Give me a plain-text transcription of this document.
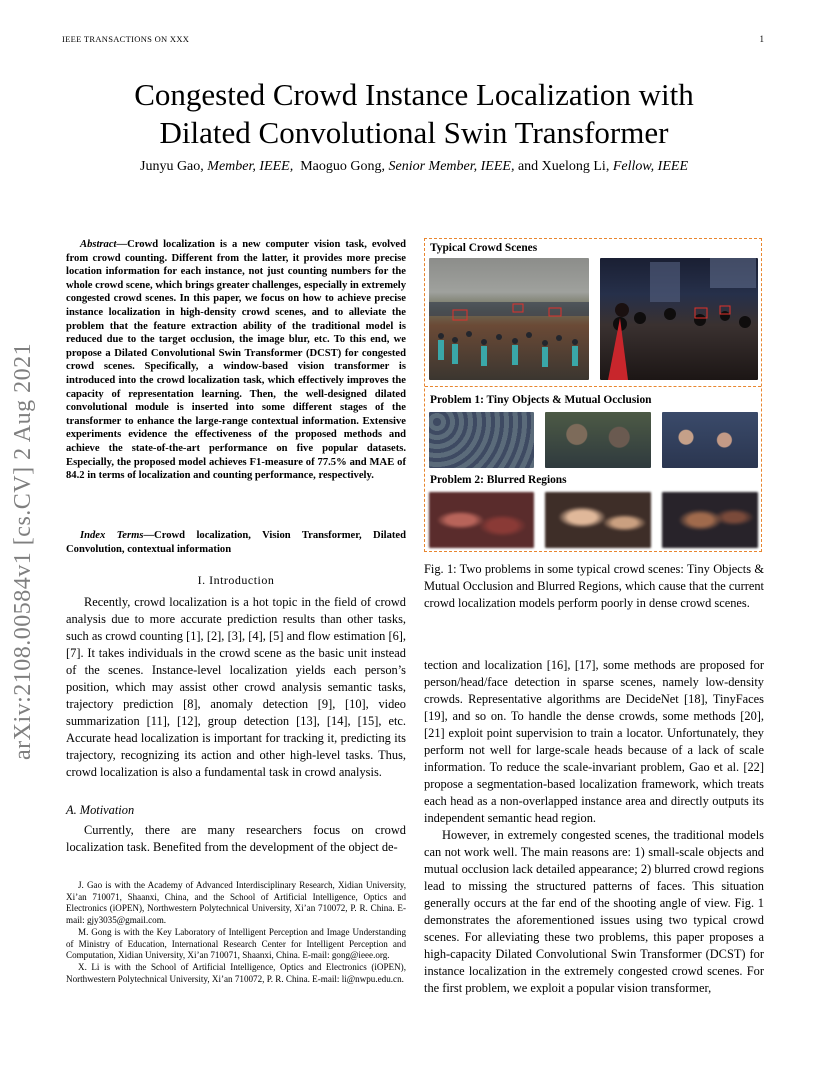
IEEE TRANSACTIONS ON XXX	1
Congested Crowd Instance Localization with
Dilated Convolutional Swin Transformer
Junyu Gao, Member, IEEE, Maoguo Gong, Senior Member, IEEE, and Xuelong Li, Fellow, IEEE
arXiv:2108.00584v1 [cs.CV] 2 Aug 2021
Abstract—Crowd localization is a new computer vision task, evolved from crowd counting. Different from the latter, it provides more precise location information for each instance, not just counting numbers for the whole crowd scene, which brings greater challenges, especially in extremely congested crowd scenes. In this paper, we focus on how to achieve precise instance localization in high-density crowd scenes, and to alleviate the problem that the feature extraction ability of the traditional model is reduced due to the target occlusion, the image blur, etc. To this end, we propose a Dilated Convolutional Swin Transformer (DCST) for congested crowd scenes. Specifically, a window-based vision transformer is introduced into the crowd localization task, which effectively improves the capacity of representation learning. Then, the well-designed dilated convolutional module is inserted into some different stages of the transformer to enhance the large-range contextual information. Extensive experiments evidence the effectiveness of the proposed methods and achieve the state-of-the-art performance on five popular datasets. Especially, the proposed model achieves F1-measure of 77.5% and MAE of 84.2 in terms of localization and counting performance, respectively.
Index Terms—Crowd localization, Vision Transformer, Dilated Convolution, contextual information
I. Introduction

Recently, crowd localization is a hot topic in the field of crowd analysis due to more accurate prediction results than other tasks, such as crowd counting [1], [2], [3], [4], [5] and flow estimation [6], [7]. It takes individuals in the crowd scene as the basic unit instead of the scenes. Instance-level localization yields each person’s position, which may assist other crowd analysis semantic tasks, trajectory prediction [8], anomaly detection [9], [10], video summarization [11], [12], group detection [13], [14], [15], etc. Accurate head localization is important for tracking it, predicting its trajectory, recognizing its action and other high-level tasks. Thus, crowd localization is also a fundamental task in crowd analysis.

A. Motivation

Currently, there are many researchers focus on crowd localization task. Benefited from the development of the object de-

J. Gao is with the Academy of Advanced Interdisciplinary Research, Xidian University, Xi’an 710071, Shaanxi, China, and the School of Artificial Intelligence, Optics and Electronics (iOPEN), Northwestern Polytechnical University, Xi’an 710072, P. R. China. E-mail: gjy3035@gmail.com.

M. Gong is with the Key Laboratory of Intelligent Perception and Image Understanding of Ministry of Education, International Research Center for Intelligent Perception and Computation, Xidian University, Xi’an 710071, Shaanxi, China. E-mail: gong@ieee.org.

X. Li is with the School of Artificial Intelligence, Optics and Electronics (iOPEN), Northwestern Polytechnical University, Xi’an 710072, P. R. China. E-mail: li@nwpu.edu.cn.

Typical Crowd Scenes
Problem 1: Tiny Objects & Mutual Occlusion
Problem 2: Blurred Regions
Fig. 1: Two problems in some typical crowd scenes: Tiny Objects & Mutual Occlusion and Blurred Regions, which cause that the current crowd localization models perform poorly in dense crowd scenes.

tection and localization [16], [17], some methods are proposed for person/head/face detection in sparse scenes, namely low-density crowds. Representative algorithms are DecideNet [18], TinyFaces [19], and so on. To handle the dense crowds, some methods [20], [21] exploit point supervision to train a locator. Unfortunately, they perform not well for large-scale heads because of a lack of scale information. To reduce the scale-invariant problem, Gao et al. [22] propose a segmentation-based localization framework, which treats each head as a non-overlapped instance area and directly outputs its independent semantic head region.

However, in extremely congested scenes, the traditional models can not work well. The main reasons are: 1) small-scale objects and mutual occlusion lack detailed appearance; 2) blurred crowd regions lead to missing the structured patterns of faces. This situation generally occurs at the far end of the shooting angle of view. Fig. 1 demonstrates the aforementioned issues using two typical crowd scenes. For alleviating these two problems, this paper proposes a high-capacity Dilated Convolutional Swin Transformer (DCST) for instance localization in the extremely congested crowd scenes. For the first problem, we exploit a popular vision transformer,
